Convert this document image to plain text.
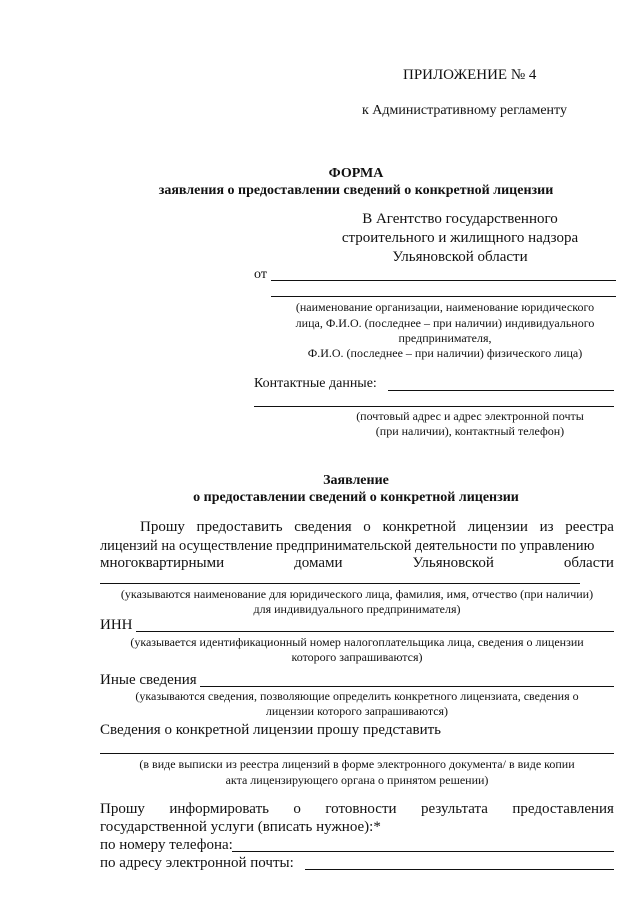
ПРИЛОЖЕНИЕ № 4
к Административному регламенту
ФОРМА
заявления о предоставлении сведений о конкретной лицензии
В Агентство государственного
строительного и жилищного надзора
Ульяновской области
от
(наименование организации, наименование юридического
лица, Ф.И.О. (последнее – при наличии) индивидуального
предпринимателя,
Ф.И.О. (последнее – при наличии) физического лица)
Контактные данные:
(почтовый адрес и адрес электронной почты
(при наличии), контактный телефон)
Заявление
о предоставлении сведений о конкретной лицензии
Прошу предоставить сведения о конкретной лицензии из реестра
лицензий на осуществление предпринимательской деятельности по управлению
многоквартирными	домами	Ульяновской	области
(указываются наименование для юридического лица, фамилия, имя, отчество (при наличии)
для индивидуального предпринимателя)
ИНН
(указывается идентификационный номер налогоплательщика лица, сведения о лицензии
которого запрашиваются)
Иные сведения
(указываются сведения, позволяющие определить конкретного лицензиата, сведения о
лицензии которого запрашиваются)
Сведения о конкретной лицензии прошу представить
(в виде выписки из реестра лицензий в форме электронного документа/ в виде копии
акта лицензирующего органа о принятом решении)
Прошу информировать о готовности результата предоставления
государственной услуги (вписать нужное):*
по номеру телефона:
по адресу электронной почты:
